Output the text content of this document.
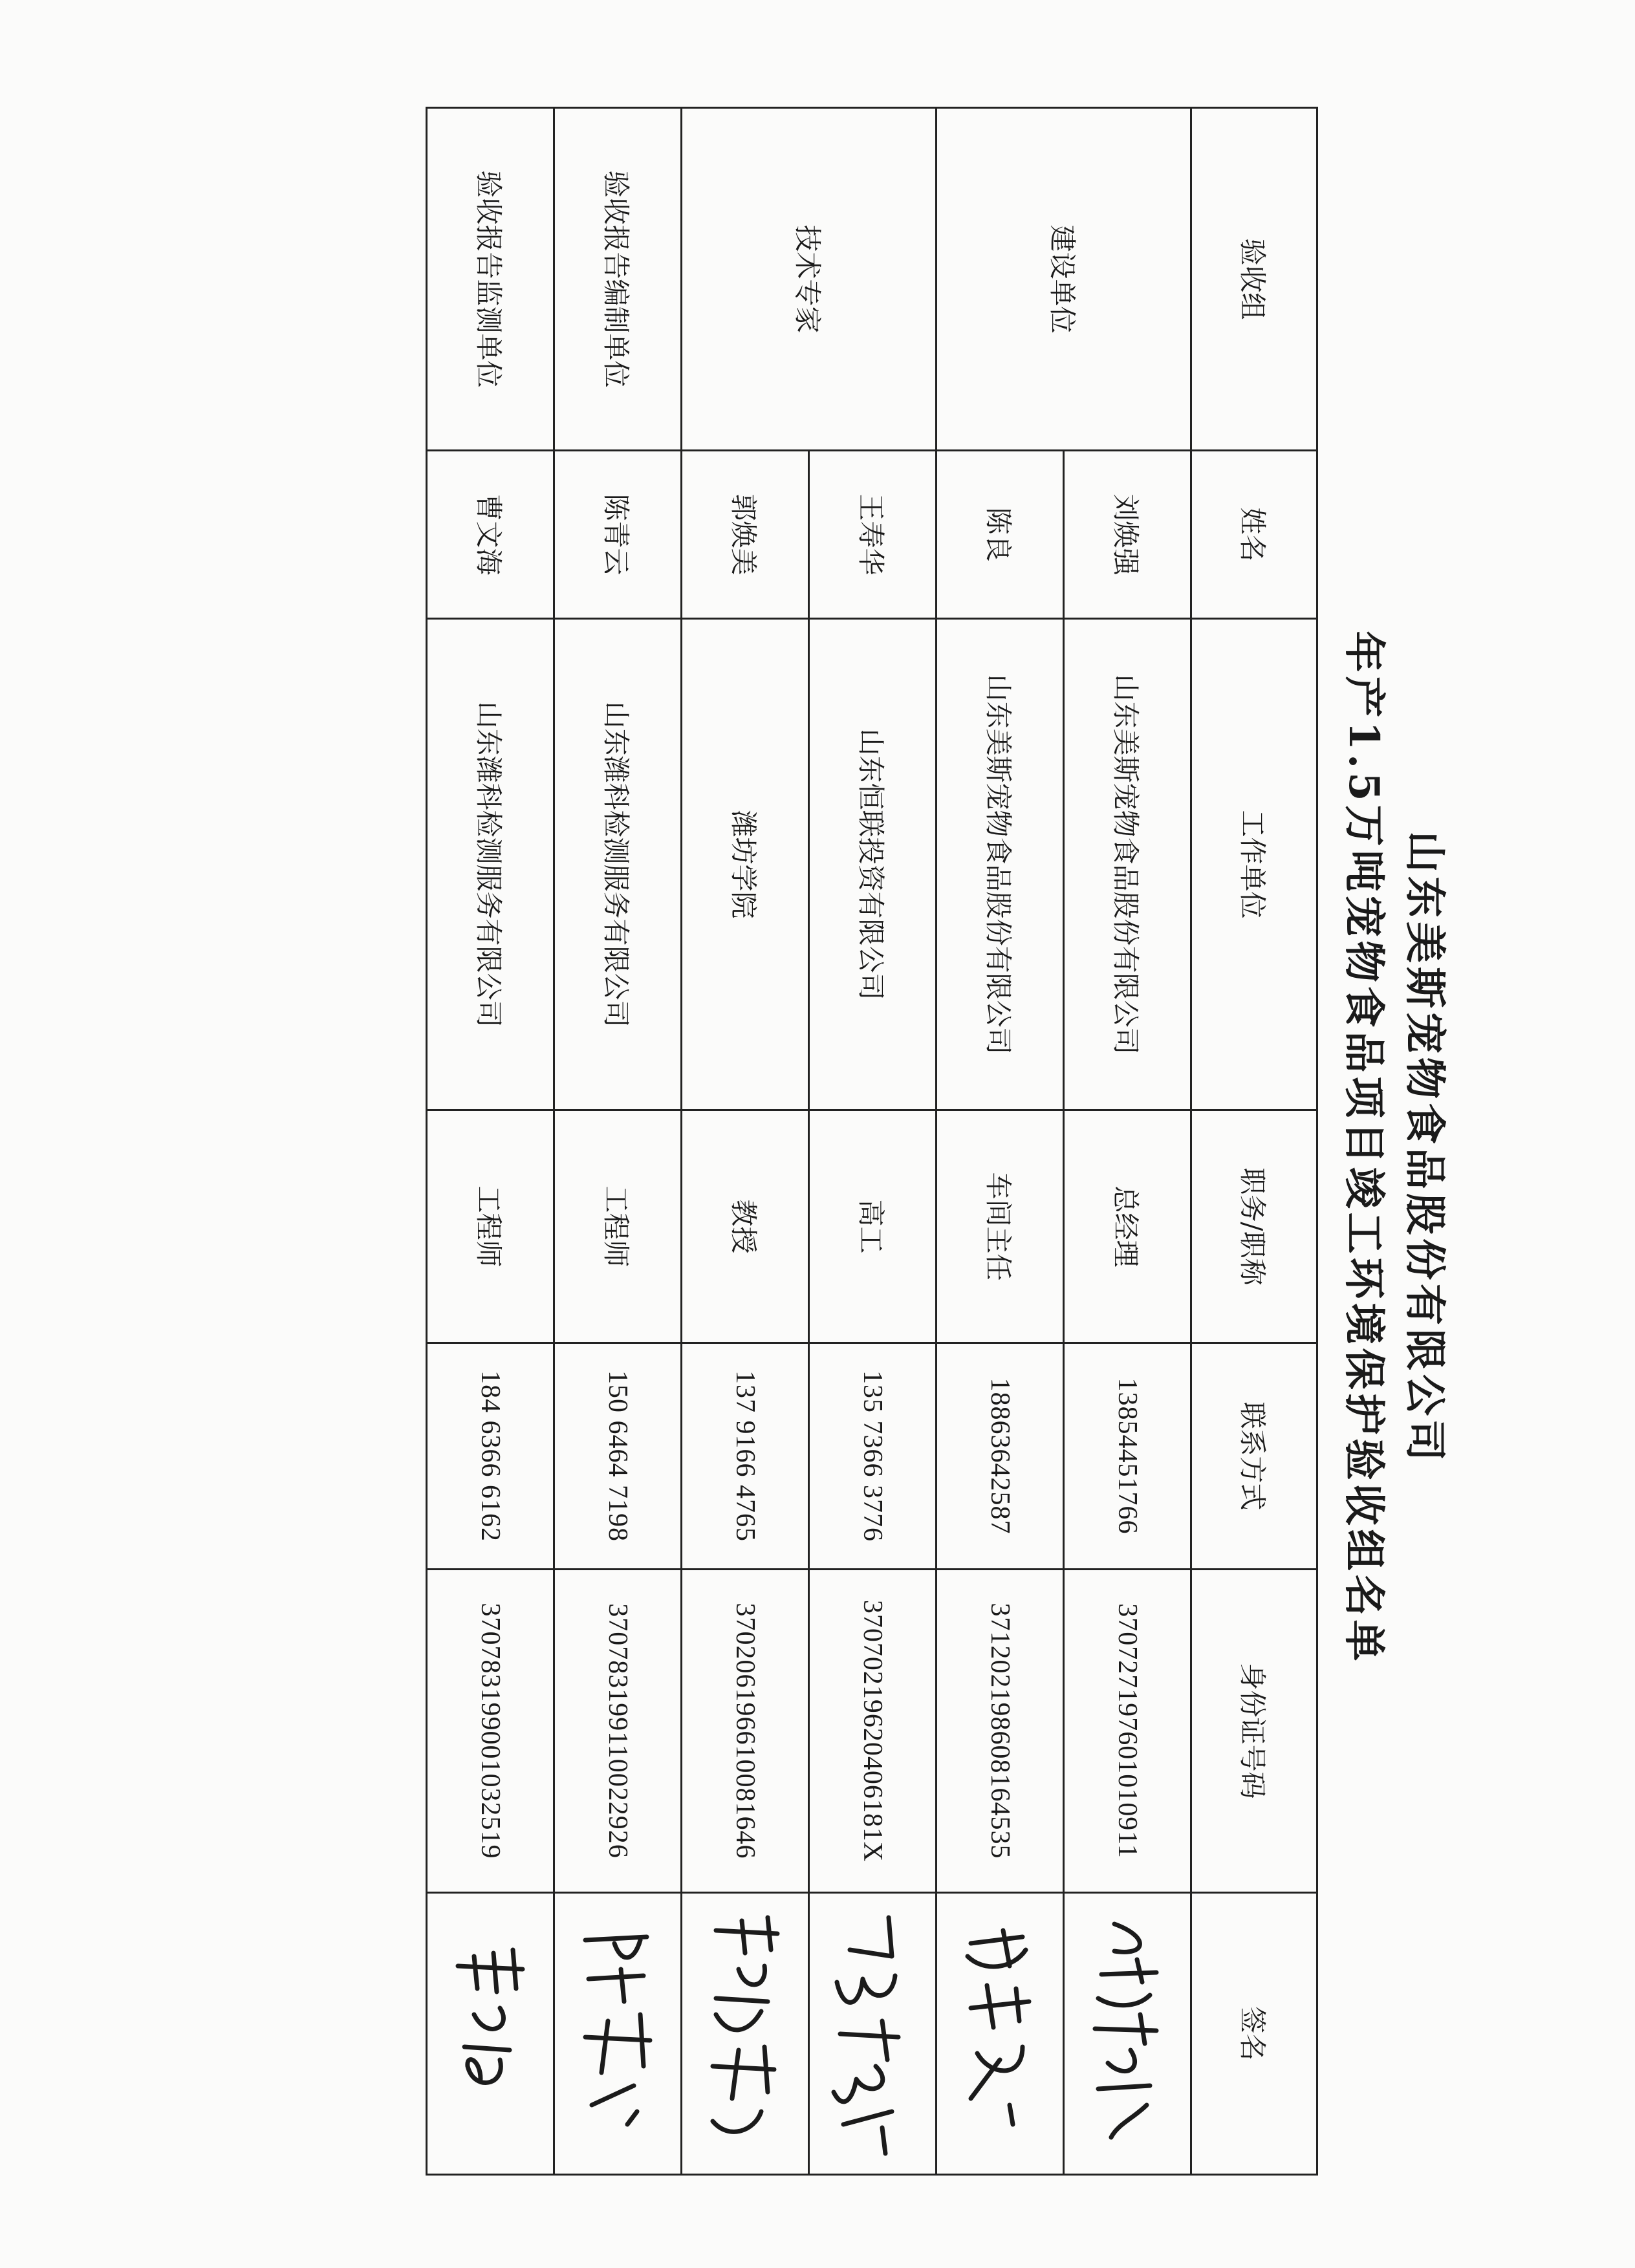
山东美斯宠物食品股份有限公司
年产1.5万吨宠物食品项目竣工环境保护验收组名单
验收组	姓名	工作单位	职务/职称	联系方式	身份证号码	签名
建设单位	刘焕强	山东美斯宠物食品股份有限公司	总经理	13854451766	370727197601010911	

	陈良	山东美斯宠物食品股份有限公司	车间主任	18863642587	371202198608164535	

技术专家	王寿华	山东恒联投资有限公司	高工	135 7366 3776	37070219620406181X	

	郭焕美	潍坊学院	教授	137 9166 4765	370206196610081646	

验收报告编制单位	陈青云	山东潍科检测服务有限公司	工程师	150 6464 7198	370783199110022926	

验收报告监测单位	曹文海	山东潍科检测服务有限公司	工程师	184 6366 6162	370783199001032519	
